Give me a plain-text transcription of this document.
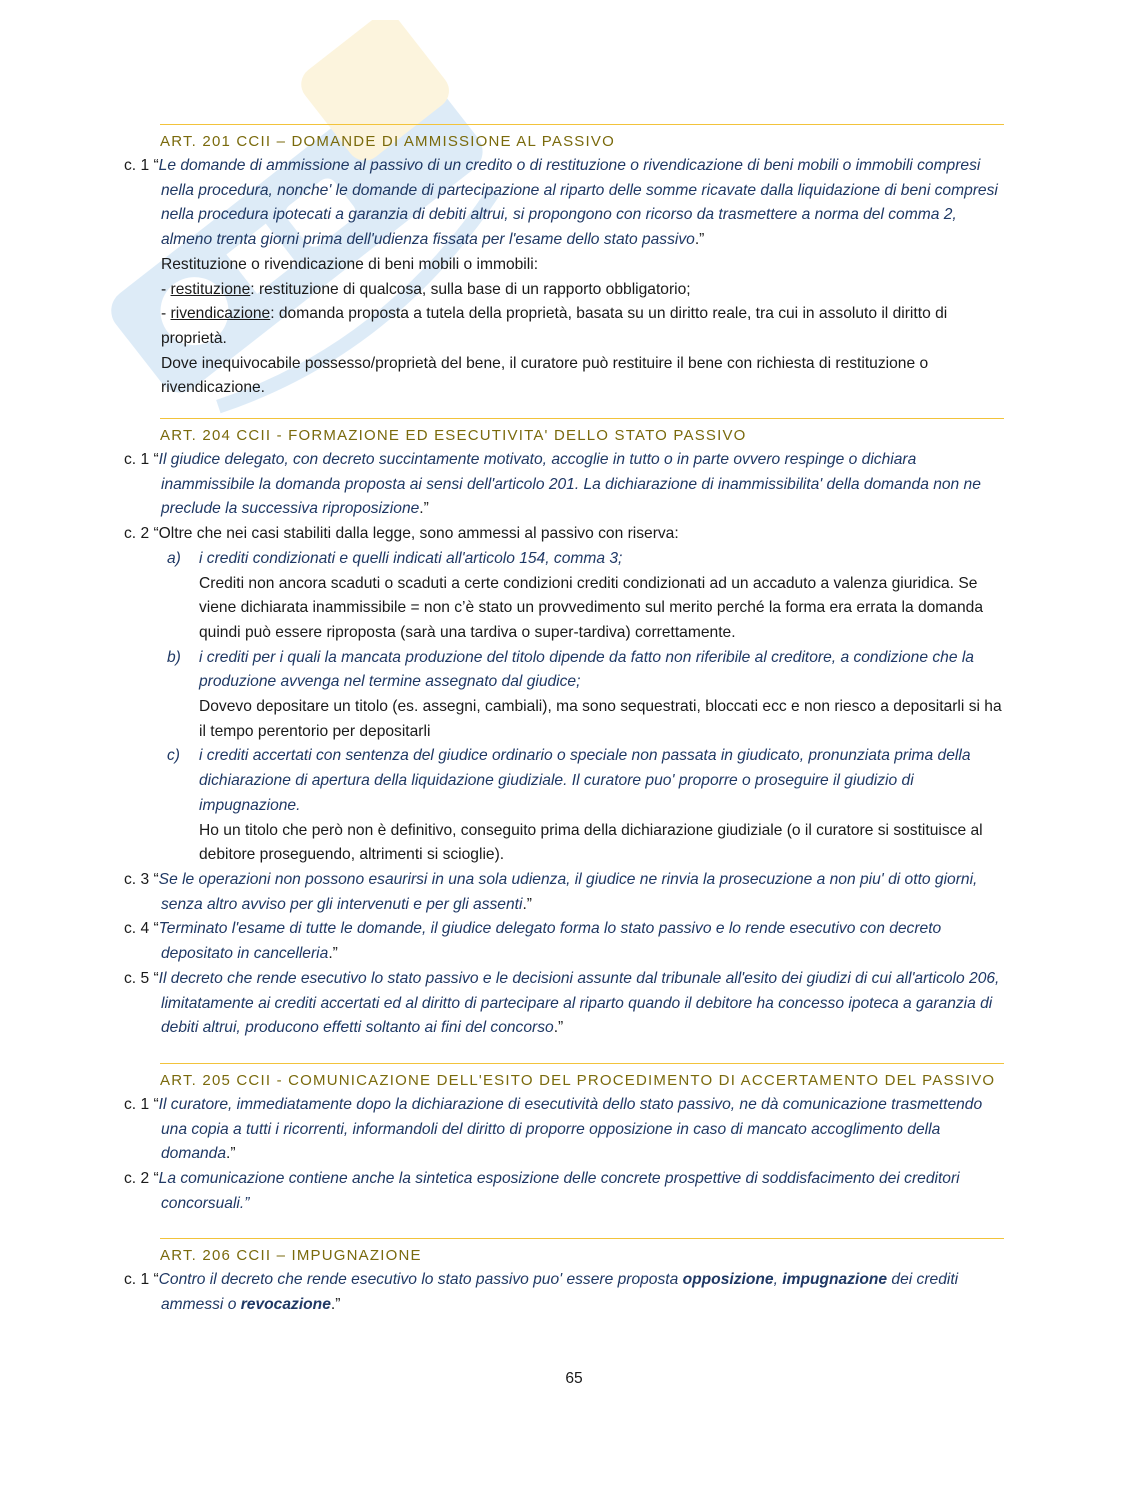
ART. 201 CCII – DOMANDE DI AMMISSIONE AL PASSIVO
c. 1 “Le domande di ammissione al passivo di un credito o di restituzione o rivendicazione di beni mobili o immobili compresi nella procedura, nonche' le domande di partecipazione al riparto delle somme ricavate dalla liquidazione di beni compresi nella procedura ipotecati a garanzia di debiti altrui, si propongono con ricorso da trasmettere a norma del comma 2, almeno trenta giorni prima dell'udienza fissata per l'esame dello stato passivo.”
Restituzione o rivendicazione di beni mobili o immobili:
- restituzione: restituzione di qualcosa, sulla base di un rapporto obbligatorio;
- rivendicazione: domanda proposta a tutela della proprietà, basata su un diritto reale, tra cui in assoluto il diritto di proprietà.
Dove inequivocabile possesso/proprietà del bene, il curatore può restituire il bene con richiesta di restituzione o rivendicazione.
ART. 204 CCII - FORMAZIONE ED ESECUTIVITA' DELLO STATO PASSIVO
c. 1 “Il giudice delegato, con decreto succintamente motivato, accoglie in tutto o in parte ovvero respinge o dichiara inammissibile la domanda proposta ai sensi dell'articolo 201. La dichiarazione di inammissibilita' della domanda non ne preclude la successiva riproposizione.”
c. 2 “Oltre che nei casi stabiliti dalla legge, sono ammessi al passivo con riserva:
a) i crediti condizionati e quelli indicati all'articolo 154, comma 3;
Crediti non ancora scaduti o scaduti a certe condizioni crediti condizionati ad un accaduto a valenza giuridica. Se viene dichiarata inammissibile = non c’è stato un provvedimento sul merito perché la forma era errata la domanda quindi può essere riproposta (sarà una tardiva o super-tardiva) correttamente.
b) i crediti per i quali la mancata produzione del titolo dipende da fatto non riferibile al creditore, a condizione che la produzione avvenga nel termine assegnato dal giudice;
Dovevo depositare un titolo (es. assegni, cambiali), ma sono sequestrati, bloccati ecc e non riesco a depositarli si ha il tempo perentorio per depositarli
c) i crediti accertati con sentenza del giudice ordinario o speciale non passata in giudicato, pronunziata prima della dichiarazione di apertura della liquidazione giudiziale. Il curatore puo' proporre o proseguire il giudizio di impugnazione.
Ho un titolo che però non è definitivo, conseguito prima della dichiarazione giudiziale (o il curatore si sostituisce al debitore proseguendo, altrimenti si scioglie).
c. 3 “Se le operazioni non possono esaurirsi in una sola udienza, il giudice ne rinvia la prosecuzione a non piu' di otto giorni, senza altro avviso per gli intervenuti e per gli assenti.”
c. 4 “Terminato l'esame di tutte le domande, il giudice delegato forma lo stato passivo e lo rende esecutivo con decreto depositato in cancelleria.”
c. 5 “Il decreto che rende esecutivo lo stato passivo e le decisioni assunte dal tribunale all'esito dei giudizi di cui all'articolo 206, limitatamente ai crediti accertati ed al diritto di partecipare al riparto quando il debitore ha concesso ipoteca a garanzia di debiti altrui, producono effetti soltanto ai fini del concorso.”
ART. 205 CCII - COMUNICAZIONE DELL'ESITO DEL PROCEDIMENTO DI ACCERTAMENTO DEL PASSIVO
c. 1 “Il curatore, immediatamente dopo la dichiarazione di esecutività dello stato passivo, ne dà comunicazione trasmettendo una copia a tutti i ricorrenti, informandoli del diritto di proporre opposizione in caso di mancato accoglimento della domanda.”
c. 2 “La comunicazione contiene anche la sintetica esposizione delle concrete prospettive di soddisfacimento dei creditori concorsuali.”
ART. 206 CCII – IMPUGNAZIONE
c. 1 “Contro il decreto che rende esecutivo lo stato passivo puo' essere proposta opposizione, impugnazione dei crediti ammessi o revocazione.”
65
